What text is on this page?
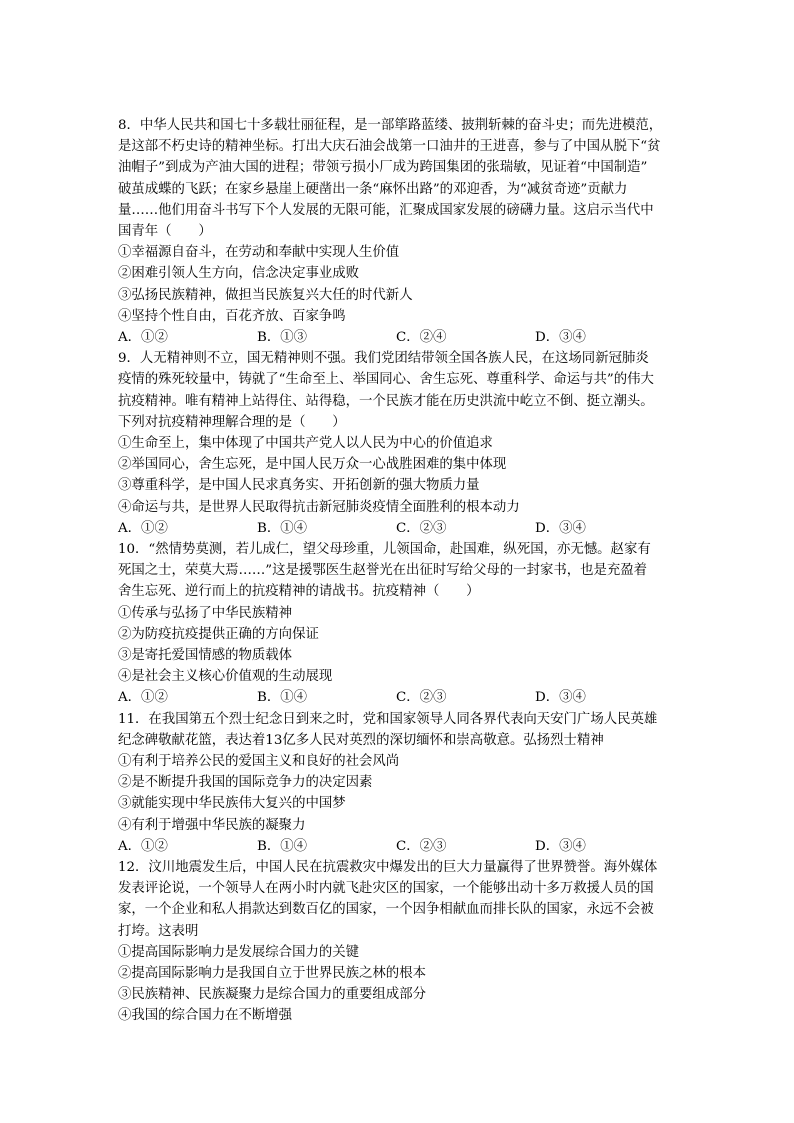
8．中华人民共和国七十多载壮丽征程，是一部筚路蓝缕、披荆斩棘的奋斗史；而先进模范，

是这部不朽史诗的精神坐标。打出大庆石油会战第一口油井的王进喜，参与了中国从脱下“贫

油帽子”到成为产油大国的进程；带领亏损小厂成为跨国集团的张瑞敏，见证着“中国制造”

破茧成蝶的飞跃；在家乡悬崖上硬凿出一条“麻怀出路”的邓迎香，为“减贫奇迹”贡献力

量……他们用奋斗书写下个人发展的无限可能，汇聚成国家发展的磅礴力量。这启示当代中

国青年（　　）

①幸福源自奋斗，在劳动和奉献中实现人生价值

②困难引领人生方向，信念决定事业成败

③弘扬民族精神，做担当民族复兴大任的时代新人

④坚持个性自由，百花齐放、百家争鸣

A．①②	B．①③	C．②④	D．③④

9．人无精神则不立，国无精神则不强。我们党团结带领全国各族人民，在这场同新冠肺炎

疫情的殊死较量中，铸就了“生命至上、举国同心、舍生忘死、尊重科学、命运与共”的伟大

抗疫精神。唯有精神上站得住、站得稳，一个民族才能在历史洪流中屹立不倒、挺立潮头。

下列对抗疫精神理解合理的是（　　）

①生命至上，集中体现了中国共产党人以人民为中心的价值追求

②举国同心，舍生忘死，是中国人民万众一心战胜困难的集中体现

③尊重科学，是中国人民求真务实、开拓创新的强大物质力量

④命运与共，是世界人民取得抗击新冠肺炎疫情全面胜利的根本动力

A．①②	B．①④	C．②③	D．③④

10．“然情势莫测，若儿成仁，望父母珍重，儿领国命，赴国难，纵死国，亦无憾。赵家有

死国之士，荣莫大焉……”这是援鄂医生赵誉光在出征时写给父母的一封家书，也是充盈着

舍生忘死、逆行而上的抗疫精神的请战书。抗疫精神（　　）

①传承与弘扬了中华民族精神

②为防疫抗疫提供正确的方向保证

③是寄托爱国情感的物质载体

④是社会主义核心价值观的生动展现

A．①②	B．①④	C．②③	D．③④

11．在我国第五个烈士纪念日到来之时，党和国家领导人同各界代表向天安门广场人民英雄

纪念碑敬献花篮，表达着13亿多人民对英烈的深切缅怀和崇高敬意。弘扬烈士精神

①有利于培养公民的爱国主义和良好的社会风尚

②是不断提升我国的国际竞争力的决定因素

③就能实现中华民族伟大复兴的中国梦

④有利于增强中华民族的凝聚力

A．①②	B．①④	C．②③	D．③④

12．汶川地震发生后，中国人民在抗震救灾中爆发出的巨大力量赢得了世界赞誉。海外媒体

发表评论说，一个领导人在两小时内就飞赴灾区的国家，一个能够出动十多万救援人员的国

家，一个企业和私人捐款达到数百亿的国家，一个因争相献血而排长队的国家，永远不会被

打垮。这表明

①提高国际影响力是发展综合国力的关键

②提高国际影响力是我国自立于世界民族之林的根本

③民族精神、民族凝聚力是综合国力的重要组成部分

④我国的综合国力在不断增强
